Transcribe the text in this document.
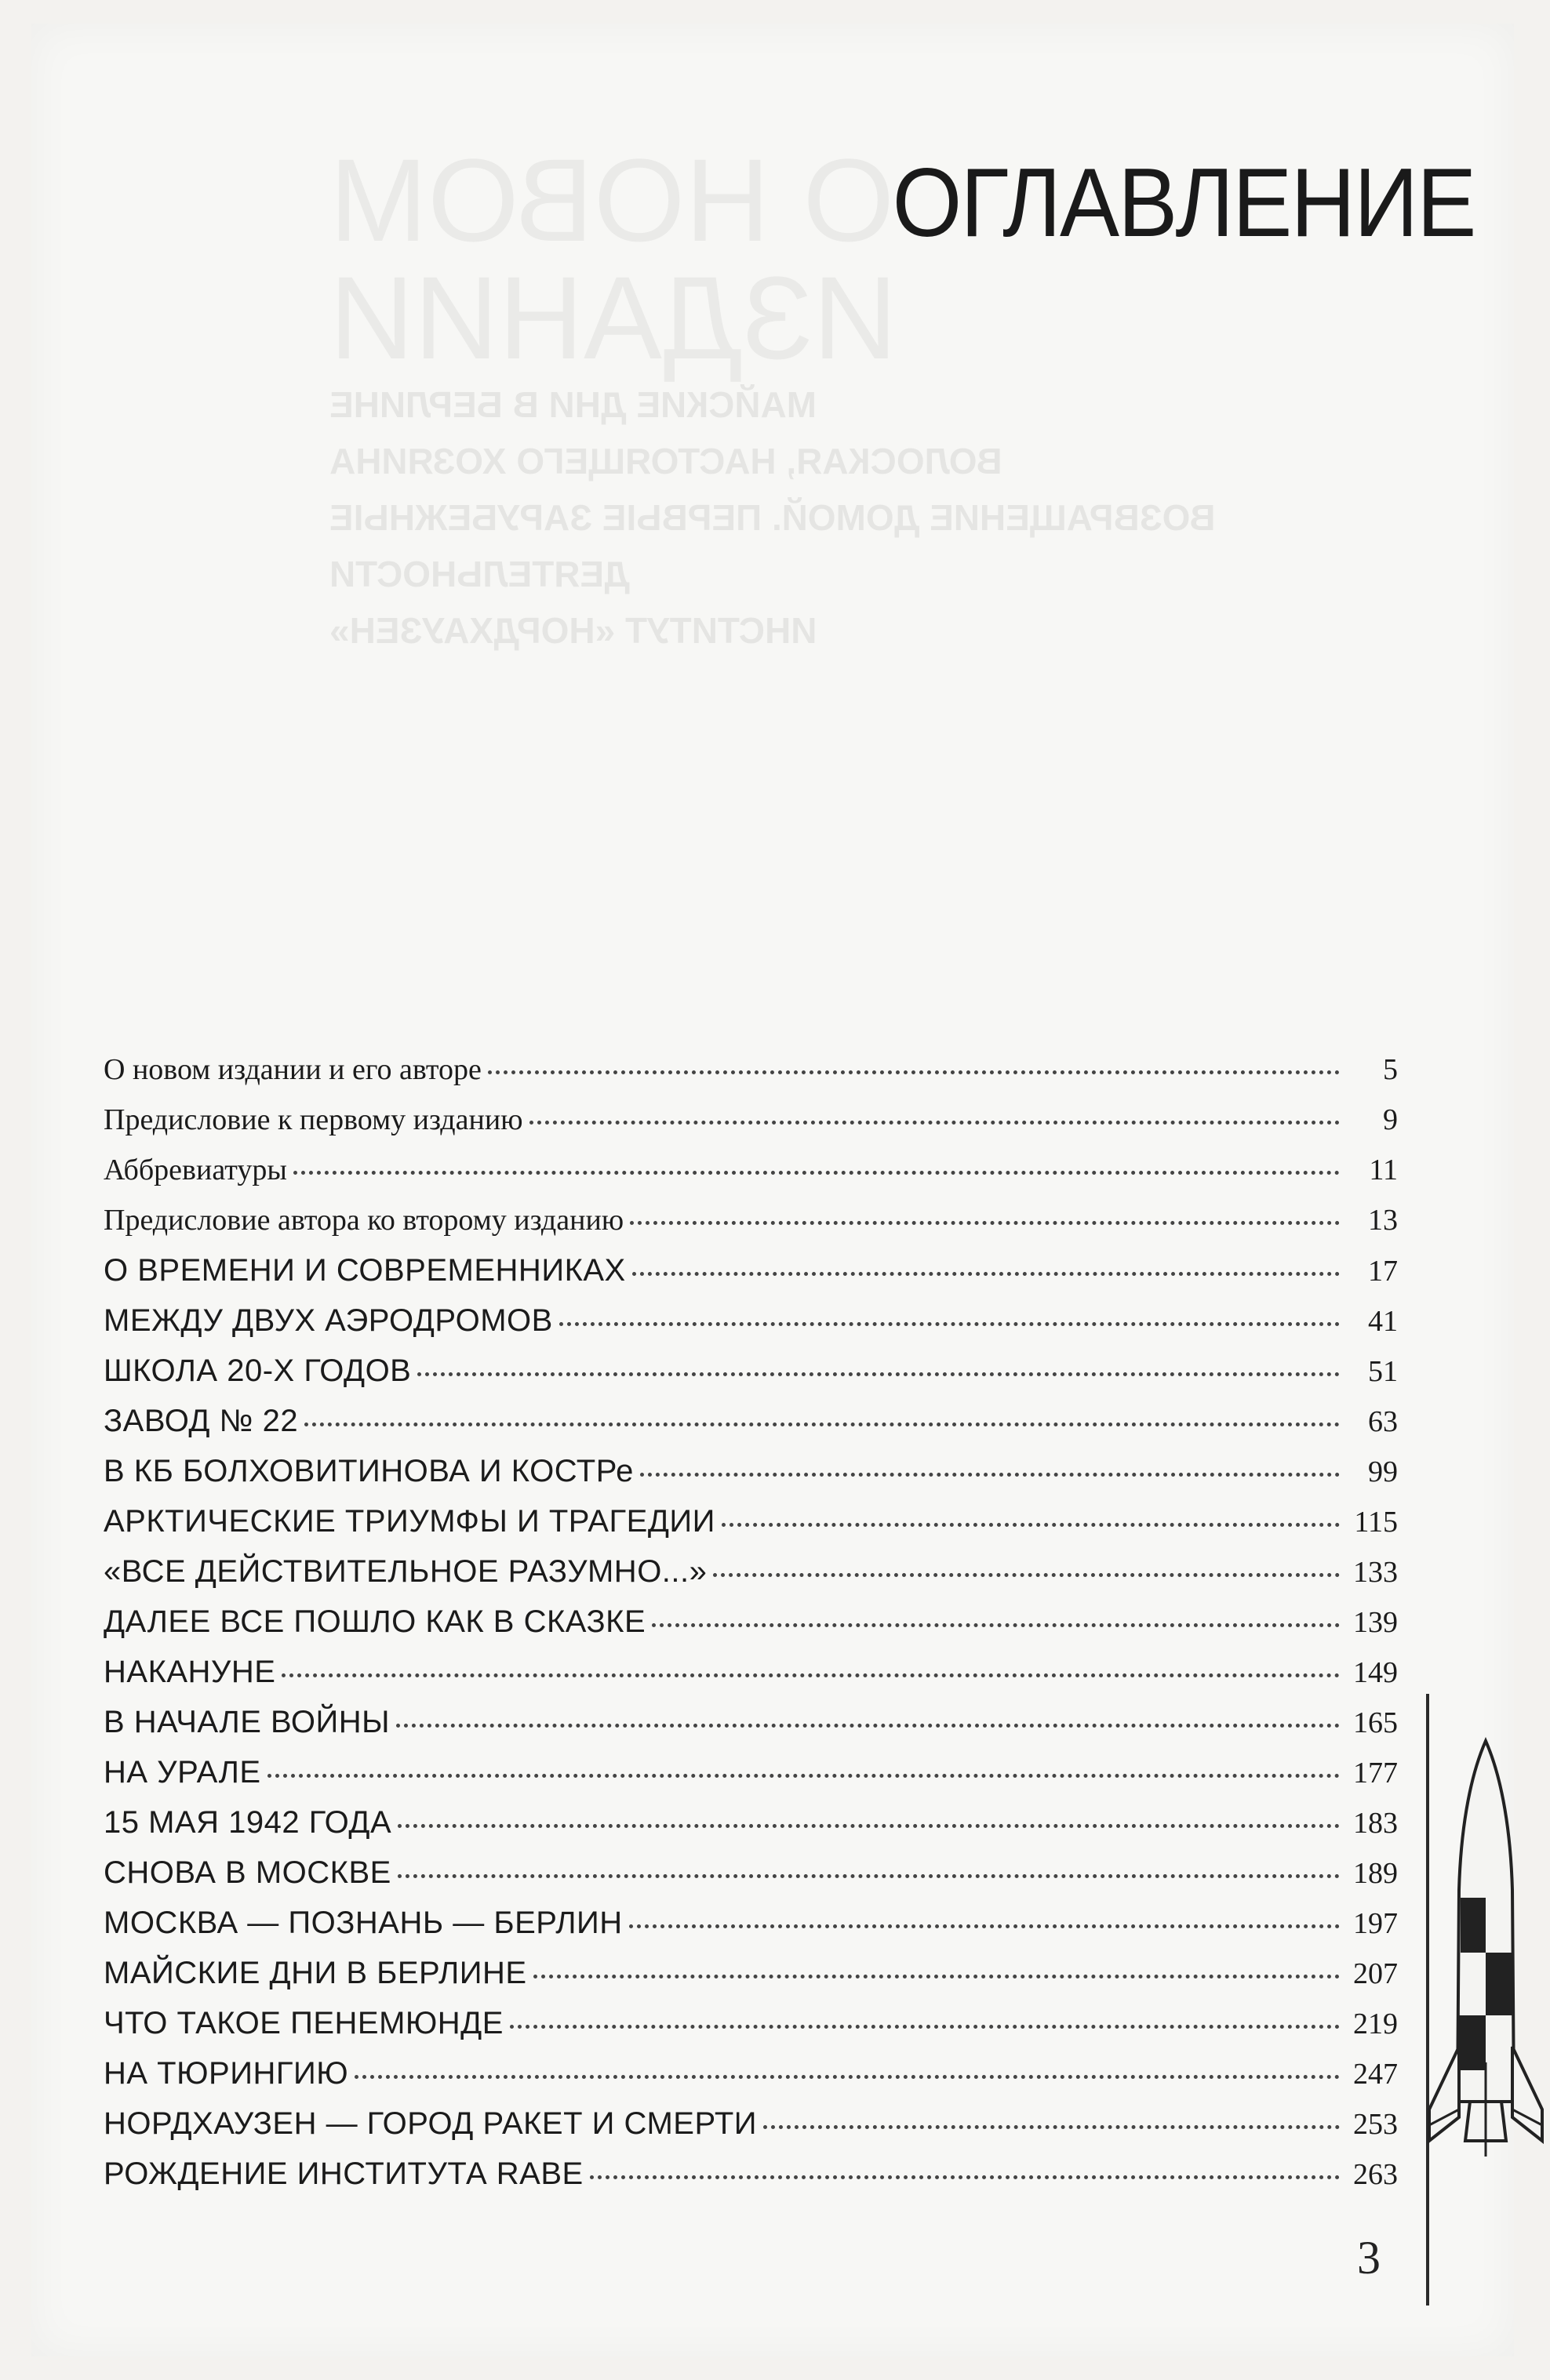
О НОВОМ ИЗДАНИИ
МАЙСКИЕ ДНИ В БЕРЛИНЕ
ВОЛОСКАЯ, НАСТОЯЩЕГО ХОЗЯИНА
ВОЗВРАЩЕНИЕ ДОМОЙ. ПЕРВЫЕ ЗАРУБЕЖНЫЕ
ДЕЯТЕЛЬНОСТИ
ИНСТИТУТ «НОРДХАУЗЕН»
ОГЛАВЛЕНИЕ
О новом издании и его авторе	5
Предисловие к первому изданию	9
Аббревиатуры	11
Предисловие автора ко второму изданию	13
О ВРЕМЕНИ И СОВРЕМЕННИКАХ	17
МЕЖДУ ДВУХ АЭРОДРОМОВ	41
ШКОЛА 20-Х ГОДОВ	51
ЗАВОД № 22	63
В КБ БОЛХОВИТИНОВА И КОСТРе	99
АРКТИЧЕСКИЕ ТРИУМФЫ И ТРАГЕДИИ	115
«ВСЕ ДЕЙСТВИТЕЛЬНОЕ РАЗУМНО...»	133
ДАЛЕЕ ВСЕ ПОШЛО КАК В СКАЗКЕ	139
НАКАНУНЕ	149
В НАЧАЛЕ ВОЙНЫ	165
НА УРАЛЕ	177
15 МАЯ 1942 ГОДА	183
СНОВА В МОСКВЕ	189
МОСКВА — ПОЗНАНЬ — БЕРЛИН	197
МАЙСКИЕ ДНИ В БЕРЛИНЕ	207
ЧТО ТАКОЕ ПЕНЕМЮНДЕ	219
НА ТЮРИНГИЮ	247
НОРДХАУЗЕН — ГОРОД РАКЕТ И СМЕРТИ	253
РОЖДЕНИЕ ИНСТИТУТА RABE	263
3
